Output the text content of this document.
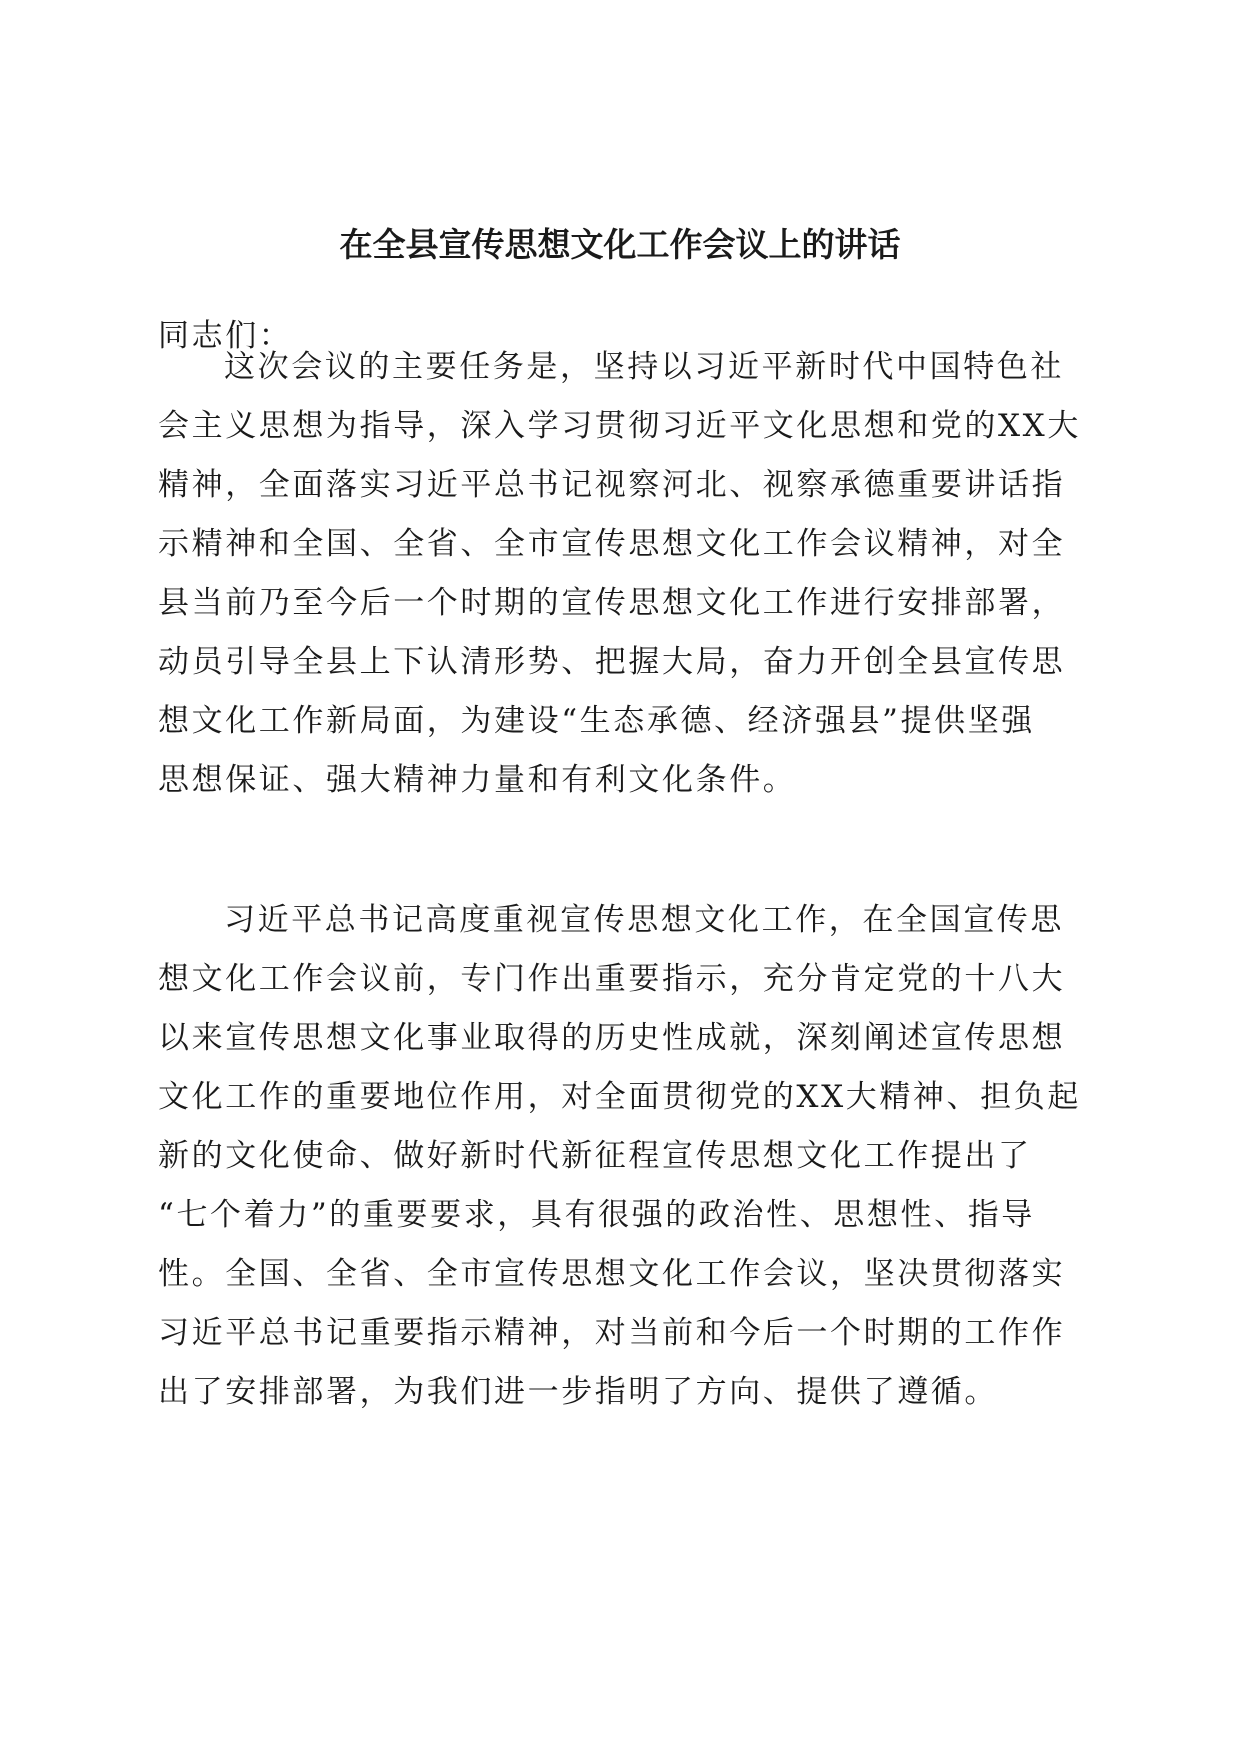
在全县宣传思想文化工作会议上的讲话
同志们：
这次会议的主要任务是，坚持以习近平新时代中国特色社
会主义思想为指导，深入学习贯彻习近平文化思想和党的XX大
精神，全面落实习近平总书记视察河北、视察承德重要讲话指
示精神和全国、全省、全市宣传思想文化工作会议精神，对全
县当前乃至今后一个时期的宣传思想文化工作进行安排部署，
动员引导全县上下认清形势、把握大局，奋力开创全县宣传思
想文化工作新局面，为建设“生态承德、经济强县”提供坚强
思想保证、强大精神力量和有利文化条件。
习近平总书记高度重视宣传思想文化工作，在全国宣传思
想文化工作会议前，专门作出重要指示，充分肯定党的十八大
以来宣传思想文化事业取得的历史性成就，深刻阐述宣传思想
文化工作的重要地位作用，对全面贯彻党的XX大精神、担负起
新的文化使命、做好新时代新征程宣传思想文化工作提出了
“七个着力”的重要要求，具有很强的政治性、思想性、指导
性。全国、全省、全市宣传思想文化工作会议，坚决贯彻落实
习近平总书记重要指示精神，对当前和今后一个时期的工作作
出了安排部署，为我们进一步指明了方向、提供了遵循。
